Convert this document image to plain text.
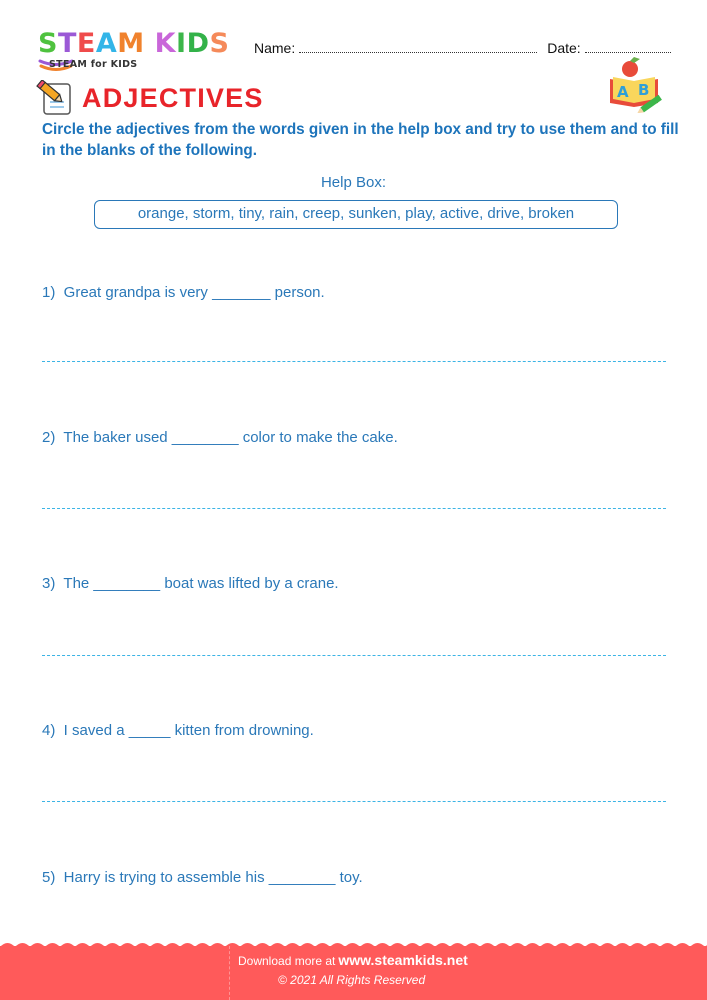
STEAM KIDS
STEAM for KIDS
Name:	Date:
ADJECTIVES	A B
Circle the adjectives from the words given in the help box and try to use them and to fill in the blanks of the following.
Help Box:
orange, storm, tiny, rain, creep, sunken, play, active, drive, broken
1)  Great grandpa is very _______ person.
2)  The baker used ________ color to make the cake.
3)  The ________ boat was lifted by a crane.
4)  I saved a _____ kitten from drowning.
5)  Harry is trying to assemble his ________ toy.
Download more at www.steamkids.net
© 2021 All Rights Reserved
